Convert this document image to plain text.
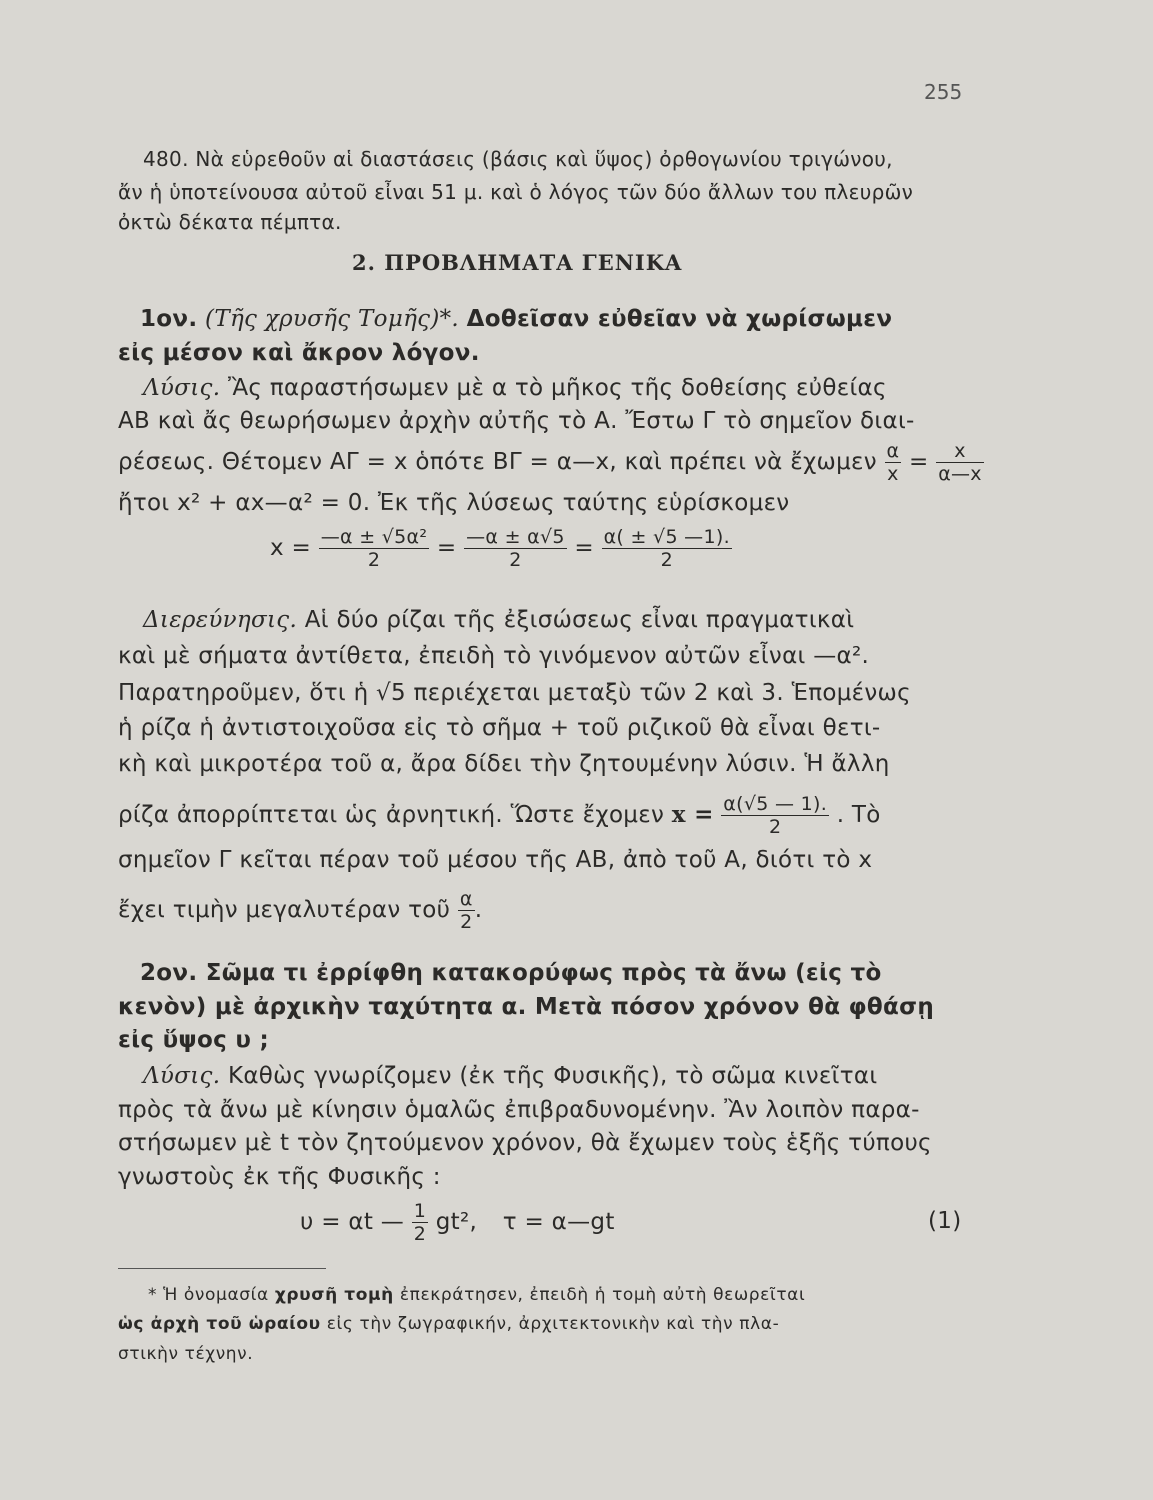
255
480. Νὰ εὑρεθοῦν αἱ διαστάσεις (βάσις καὶ ὕψος) ὀρθογωνίου τριγώνου,
ἄν ἡ ὑποτείνουσα αὐτοῦ εἶναι 51 μ. καὶ ὁ λόγος τῶν δύο ἄλλων του πλευρῶν
ὀκτὼ δέκατα πέμπτα.
2. ΠΡΟΒΛΗΜΑΤΑ ΓΕΝΙΚΑ
1ον. (Τῆς χρυσῆς Τομῆς)*. Δοθεῖσαν εὐθεῖαν νὰ χωρίσωμεν
εἰς μέσον καὶ ἄκρον λόγον.
Λύσις. Ἂς παραστήσωμεν μὲ α τὸ μῆκος τῆς δοθείσης εὐθείας
ΑΒ καὶ ἄς θεωρήσωμεν ἀρχὴν αὐτῆς τὸ Α. Ἔστω Γ τὸ σημεῖον διαι-
ρέσεως. Θέτομεν ΑΓ = x ὁπότε ΒΓ = α—x, καὶ πρέπει νὰ ἔχωμεν $\frac{\alpha}{x} = \frac{x}{\alpha—x}$
ἤτοι x² + αx—α² = 0. Ἐκ τῆς λύσεως ταύτης εὑρίσκομεν
$x = \frac{\text{—α ± √5α²}}{2} = \frac{—\alpha \pm \alpha√5}{2} = \frac{\alpha( \pm √5 —1).}{2}$
Διερεύνησις. Αἱ δύο ρίζαι τῆς ἐξισώσεως εἶναι πραγματικαὶ
καὶ μὲ σήματα ἀντίθετα, ἐπειδὴ τὸ γινόμενον αὐτῶν εἶναι —α².
Παρατηροῦμεν, ὅτι ἡ √5 περιέχεται μεταξὺ τῶν 2 καὶ 3. Ἑπομένως
ἡ ρίζα ἡ ἀντιστοιχοῦσα εἰς τὸ σῆμα + τοῦ ριζικοῦ θὰ εἶναι θετι-
κὴ καὶ μικροτέρα τοῦ α, ἄρα δίδει τὴν ζητουμένην λύσιν. Ἡ ἄλλη
ρίζα ἀπορρίπτεται ὡς ἀρνητική. Ὥστε ἔχομεν $x = \frac{\alpha(√5 — 1).}{2}$ . Τὸ
σημεῖον Γ κεῖται πέραν τοῦ μέσου τῆς ΑΒ, ἀπὸ τοῦ Α, διότι τὸ x
ἔχει τιμὴν μεγαλυτέραν τοῦ $\frac{\alpha}{2}$ .
2ον. Σῶμα τι ἐρρίφθη κατακορύφως πρὸς τὰ ἄνω (εἰς τὸ
κενὸν) μὲ ἀρχικὴν ταχύτητα α. Μετὰ πόσον χρόνον θὰ φθάσῃ
εἰς ὕψος υ ;
Λύσις. Καθὼς γνωρίζομεν (ἐκ τῆς Φυσικῆς), τὸ σῶμα κινεῖται
πρὸς τὰ ἄνω μὲ κίνησιν ὁμαλῶς ἐπιβραδυνομένην. Ἂν λοιπὸν παρα-
στήσωμεν μὲ t τὸν ζητούμενον χρόνον, θὰ ἔχωμεν τοὺς ἑξῆς τύπους
γνωστοὺς ἐκ τῆς Φυσικῆς :
υ = αt — $\frac{1}{2} gt^2$, τ = α—gt	(1)
* Ἡ ὀνομασία χρυσῆ τομὴ ἐπεκράτησεν, ἐπειδὴ ἡ τομὴ αὐτὴ θεωρεῖται
ὡς ἀρχὴ τοῦ ὡραίου εἰς τὴν ζωγραφικήν, ἀρχιτεκτονικὴν καὶ τὴν πλα-
στικὴν τέχνην.
